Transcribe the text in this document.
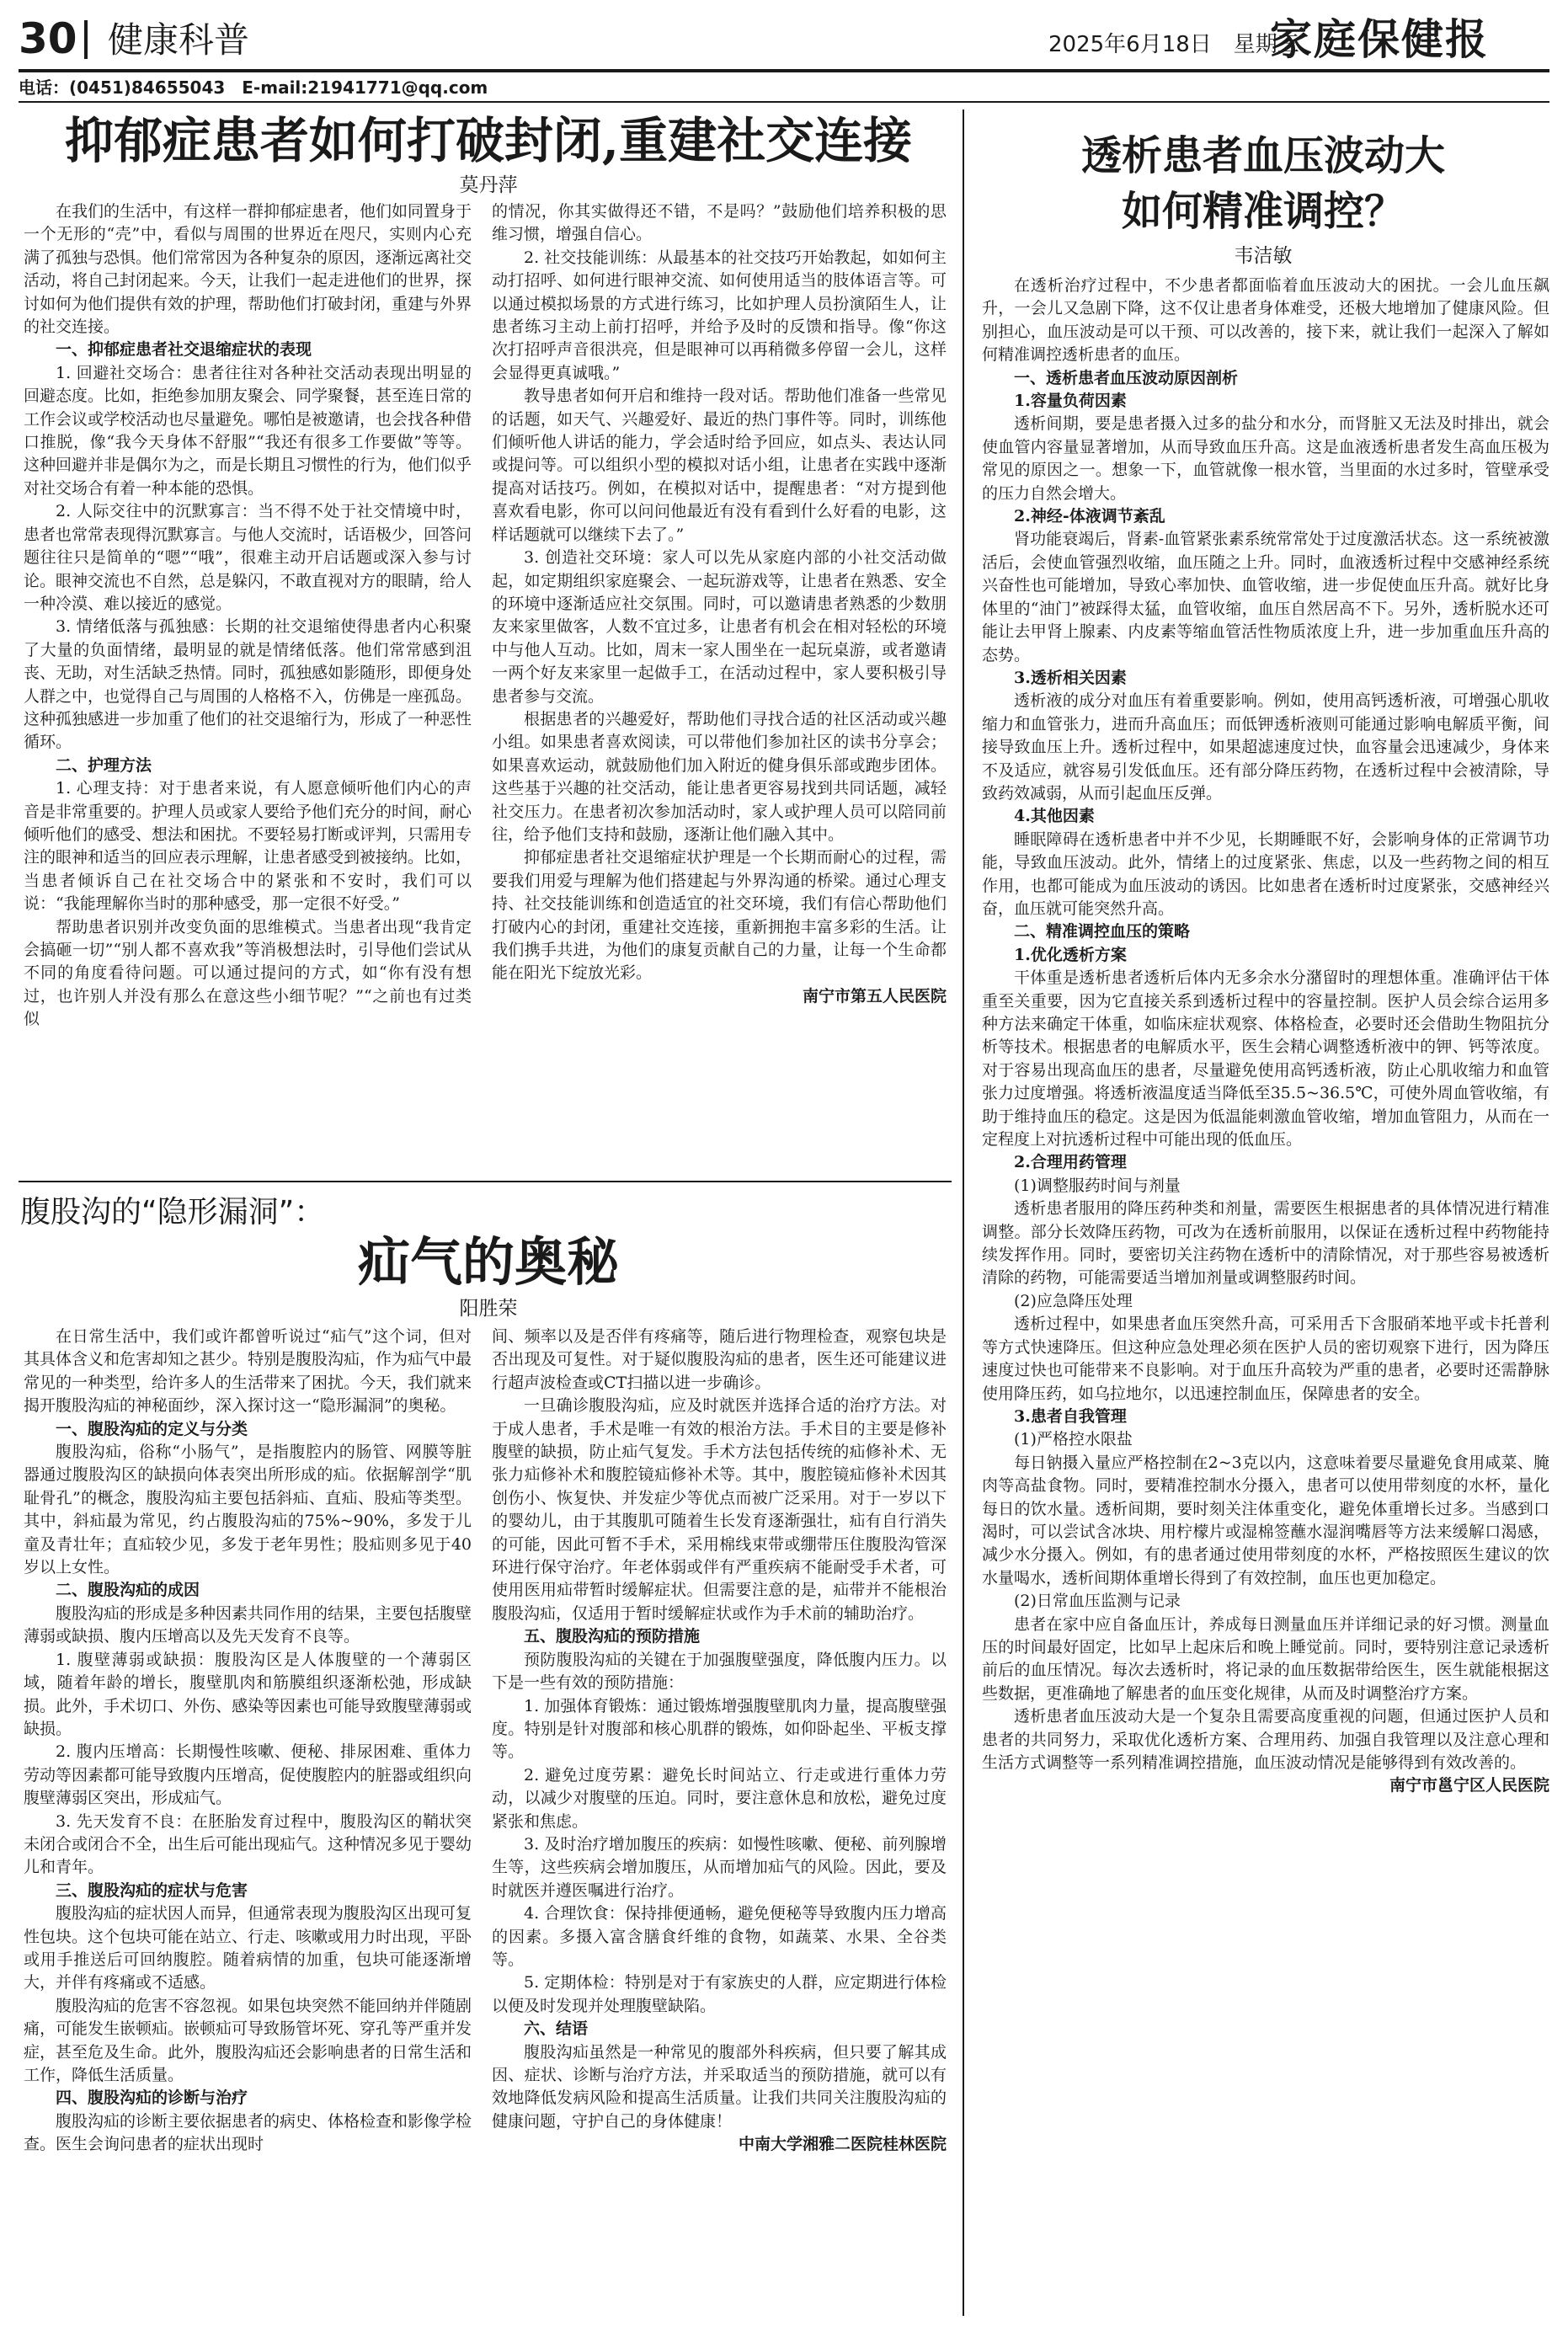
30 健康科普	2025年6月18日　星期三
家庭保健报
电话：(0451)84655043　E-mail:21941771@qq.com
抑郁症患者如何打破封闭,重建社交连接
莫丹萍

在我们的生活中，有这样一群抑郁症患者，他们如同置身于一个无形的“壳”中，看似与周围的世界近在咫尺，实则内心充满了孤独与恐惧。他们常常因为各种复杂的原因，逐渐远离社交活动，将自己封闭起来。今天，让我们一起走进他们的世界，探讨如何为他们提供有效的护理，帮助他们打破封闭，重建与外界的社交连接。

一、抑郁症患者社交退缩症状的表现

1. 回避社交场合：患者往往对各种社交活动表现出明显的回避态度。比如，拒绝参加朋友聚会、同学聚餐，甚至连日常的工作会议或学校活动也尽量避免。哪怕是被邀请，也会找各种借口推脱，像“我今天身体不舒服”“我还有很多工作要做”等等。这种回避并非是偶尔为之，而是长期且习惯性的行为，他们似乎对社交场合有着一种本能的恐惧。

2. 人际交往中的沉默寡言：当不得不处于社交情境中时，患者也常常表现得沉默寡言。与他人交流时，话语极少，回答问题往往只是简单的“嗯”“哦”，很难主动开启话题或深入参与讨论。眼神交流也不自然，总是躲闪，不敢直视对方的眼睛，给人一种冷漠、难以接近的感觉。

3. 情绪低落与孤独感：长期的社交退缩使得患者内心积聚了大量的负面情绪，最明显的就是情绪低落。他们常常感到沮丧、无助，对生活缺乏热情。同时，孤独感如影随形，即便身处人群之中，也觉得自己与周围的人格格不入，仿佛是一座孤岛。这种孤独感进一步加重了他们的社交退缩行为，形成了一种恶性循环。

二、护理方法

1. 心理支持：对于患者来说，有人愿意倾听他们内心的声音是非常重要的。护理人员或家人要给予他们充分的时间，耐心倾听他们的感受、想法和困扰。不要轻易打断或评判，只需用专注的眼神和适当的回应表示理解，让患者感受到被接纳。比如，当患者倾诉自己在社交场合中的紧张和不安时，我们可以说：“我能理解你当时的那种感受，那一定很不好受。”

帮助患者识别并改变负面的思维模式。当患者出现“我肯定会搞砸一切”“别人都不喜欢我”等消极想法时，引导他们尝试从不同的角度看待问题。可以通过提问的方式，如“你有没有想过，也许别人并没有那么在意这些小细节呢？”“之前也有过类似

的情况，你其实做得还不错，不是吗？”鼓励他们培养积极的思维习惯，增强自信心。

2. 社交技能训练：从最基本的社交技巧开始教起，如如何主动打招呼、如何进行眼神交流、如何使用适当的肢体语言等。可以通过模拟场景的方式进行练习，比如护理人员扮演陌生人，让患者练习主动上前打招呼，并给予及时的反馈和指导。像“你这次打招呼声音很洪亮，但是眼神可以再稍微多停留一会儿，这样会显得更真诚哦。”

教导患者如何开启和维持一段对话。帮助他们准备一些常见的话题，如天气、兴趣爱好、最近的热门事件等。同时，训练他们倾听他人讲话的能力，学会适时给予回应，如点头、表达认同或提问等。可以组织小型的模拟对话小组，让患者在实践中逐渐提高对话技巧。例如，在模拟对话中，提醒患者：“对方提到他喜欢看电影，你可以问问他最近有没有看到什么好看的电影，这样话题就可以继续下去了。”

3. 创造社交环境：家人可以先从家庭内部的小社交活动做起，如定期组织家庭聚会、一起玩游戏等，让患者在熟悉、安全的环境中逐渐适应社交氛围。同时，可以邀请患者熟悉的少数朋友来家里做客，人数不宜过多，让患者有机会在相对轻松的环境中与他人互动。比如，周末一家人围坐在一起玩桌游，或者邀请一两个好友来家里一起做手工，在活动过程中，家人要积极引导患者参与交流。

根据患者的兴趣爱好，帮助他们寻找合适的社区活动或兴趣小组。如果患者喜欢阅读，可以带他们参加社区的读书分享会；如果喜欢运动，就鼓励他们加入附近的健身俱乐部或跑步团体。这些基于兴趣的社交活动，能让患者更容易找到共同话题，减轻社交压力。在患者初次参加活动时，家人或护理人员可以陪同前往，给予他们支持和鼓励，逐渐让他们融入其中。

抑郁症患者社交退缩症状护理是一个长期而耐心的过程，需要我们用爱与理解为他们搭建起与外界沟通的桥梁。通过心理支持、社交技能训练和创造适宜的社交环境，我们有信心帮助他们打破内心的封闭，重建社交连接，重新拥抱丰富多彩的生活。让我们携手共进，为他们的康复贡献自己的力量，让每一个生命都能在阳光下绽放光彩。

南宁市第五人民医院

腹股沟的“隐形漏洞”：
疝气的奥秘
阳胜荣

在日常生活中，我们或许都曾听说过“疝气”这个词，但对其具体含义和危害却知之甚少。特别是腹股沟疝，作为疝气中最常见的一种类型，给许多人的生活带来了困扰。今天，我们就来揭开腹股沟疝的神秘面纱，深入探讨这一“隐形漏洞”的奥秘。

一、腹股沟疝的定义与分类

腹股沟疝，俗称“小肠气”，是指腹腔内的肠管、网膜等脏器通过腹股沟区的缺损向体表突出所形成的疝。依据解剖学“肌耻骨孔”的概念，腹股沟疝主要包括斜疝、直疝、股疝等类型。其中，斜疝最为常见，约占腹股沟疝的75%~90%，多发于儿童及青壮年；直疝较少见，多发于老年男性；股疝则多见于40岁以上女性。

二、腹股沟疝的成因

腹股沟疝的形成是多种因素共同作用的结果，主要包括腹壁薄弱或缺损、腹内压增高以及先天发育不良等。

1. 腹壁薄弱或缺损：腹股沟区是人体腹壁的一个薄弱区域，随着年龄的增长，腹壁肌肉和筋膜组织逐渐松弛，形成缺损。此外，手术切口、外伤、感染等因素也可能导致腹壁薄弱或缺损。

2. 腹内压增高：长期慢性咳嗽、便秘、排尿困难、重体力劳动等因素都可能导致腹内压增高，促使腹腔内的脏器或组织向腹壁薄弱区突出，形成疝气。

3. 先天发育不良：在胚胎发育过程中，腹股沟区的鞘状突未闭合或闭合不全，出生后可能出现疝气。这种情况多见于婴幼儿和青年。

三、腹股沟疝的症状与危害

腹股沟疝的症状因人而异，但通常表现为腹股沟区出现可复性包块。这个包块可能在站立、行走、咳嗽或用力时出现，平卧或用手推送后可回纳腹腔。随着病情的加重，包块可能逐渐增大，并伴有疼痛或不适感。

腹股沟疝的危害不容忽视。如果包块突然不能回纳并伴随剧痛，可能发生嵌顿疝。嵌顿疝可导致肠管坏死、穿孔等严重并发症，甚至危及生命。此外，腹股沟疝还会影响患者的日常生活和工作，降低生活质量。

四、腹股沟疝的诊断与治疗

腹股沟疝的诊断主要依据患者的病史、体格检查和影像学检查。医生会询问患者的症状出现时

间、频率以及是否伴有疼痛等，随后进行物理检查，观察包块是否出现及可复性。对于疑似腹股沟疝的患者，医生还可能建议进行超声波检查或CT扫描以进一步确诊。

一旦确诊腹股沟疝，应及时就医并选择合适的治疗方法。对于成人患者，手术是唯一有效的根治方法。手术目的主要是修补腹壁的缺损，防止疝气复发。手术方法包括传统的疝修补术、无张力疝修补术和腹腔镜疝修补术等。其中，腹腔镜疝修补术因其创伤小、恢复快、并发症少等优点而被广泛采用。对于一岁以下的婴幼儿，由于其腹肌可随着生长发育逐渐强壮，疝有自行消失的可能，因此可暂不手术，采用棉线束带或绷带压住腹股沟管深环进行保守治疗。年老体弱或伴有严重疾病不能耐受手术者，可使用医用疝带暂时缓解症状。但需要注意的是，疝带并不能根治腹股沟疝，仅适用于暂时缓解症状或作为手术前的辅助治疗。

五、腹股沟疝的预防措施

预防腹股沟疝的关键在于加强腹壁强度，降低腹内压力。以下是一些有效的预防措施：

1. 加强体育锻炼：通过锻炼增强腹壁肌肉力量，提高腹壁强度。特别是针对腹部和核心肌群的锻炼，如仰卧起坐、平板支撑等。

2. 避免过度劳累：避免长时间站立、行走或进行重体力劳动，以减少对腹壁的压迫。同时，要注意休息和放松，避免过度紧张和焦虑。

3. 及时治疗增加腹压的疾病：如慢性咳嗽、便秘、前列腺增生等，这些疾病会增加腹压，从而增加疝气的风险。因此，要及时就医并遵医嘱进行治疗。

4. 合理饮食：保持排便通畅，避免便秘等导致腹内压力增高的因素。多摄入富含膳食纤维的食物，如蔬菜、水果、全谷类等。

5. 定期体检：特别是对于有家族史的人群，应定期进行体检以便及时发现并处理腹壁缺陷。

六、结语

腹股沟疝虽然是一种常见的腹部外科疾病，但只要了解其成因、症状、诊断与治疗方法，并采取适当的预防措施，就可以有效地降低发病风险和提高生活质量。让我们共同关注腹股沟疝的健康问题，守护自己的身体健康！

中南大学湘雅二医院桂林医院

透析患者血压波动大
如何精准调控？
韦洁敏

在透析治疗过程中，不少患者都面临着血压波动大的困扰。一会儿血压飙升，一会儿又急剧下降，这不仅让患者身体难受，还极大地增加了健康风险。但别担心，血压波动是可以干预、可以改善的，接下来，就让我们一起深入了解如何精准调控透析患者的血压。

一、透析患者血压波动原因剖析

1.容量负荷因素

透析间期，要是患者摄入过多的盐分和水分，而肾脏又无法及时排出，就会使血管内容量显著增加，从而导致血压升高。这是血液透析患者发生高血压极为常见的原因之一。想象一下，血管就像一根水管，当里面的水过多时，管壁承受的压力自然会增大。

2.神经-体液调节紊乱

肾功能衰竭后，肾素-血管紧张素系统常常处于过度激活状态。这一系统被激活后，会使血管强烈收缩，血压随之上升。同时，血液透析过程中交感神经系统兴奋性也可能增加，导致心率加快、血管收缩，进一步促使血压升高。就好比身体里的“油门”被踩得太猛，血管收缩，血压自然居高不下。另外，透析脱水还可能让去甲肾上腺素、内皮素等缩血管活性物质浓度上升，进一步加重血压升高的态势。

3.透析相关因素

透析液的成分对血压有着重要影响。例如，使用高钙透析液，可增强心肌收缩力和血管张力，进而升高血压；而低钾透析液则可能通过影响电解质平衡，间接导致血压上升。透析过程中，如果超滤速度过快，血容量会迅速减少，身体来不及适应，就容易引发低血压。还有部分降压药物，在透析过程中会被清除，导致药效减弱，从而引起血压反弹。

4.其他因素

睡眠障碍在透析患者中并不少见，长期睡眠不好，会影响身体的正常调节功能，导致血压波动。此外，情绪上的过度紧张、焦虑，以及一些药物之间的相互作用，也都可能成为血压波动的诱因。比如患者在透析时过度紧张，交感神经兴奋，血压就可能突然升高。

二、精准调控血压的策略

1.优化透析方案

干体重是透析患者透析后体内无多余水分潴留时的理想体重。准确评估干体重至关重要，因为它直接关系到透析过程中的容量控制。医护人员会综合运用多种方法来确定干体重，如临床症状观察、体格检查，必要时还会借助生物阻抗分析等技术。根据患者的电解质水平，医生会精心调整透析液中的钾、钙等浓度。对于容易出现高血压的患者，尽量避免使用高钙透析液，防止心肌收缩力和血管张力过度增强。将透析液温度适当降低至35.5~36.5℃，可使外周血管收缩，有助于维持血压的稳定。这是因为低温能刺激血管收缩，增加血管阻力，从而在一定程度上对抗透析过程中可能出现的低血压。

2.合理用药管理

(1)调整服药时间与剂量

透析患者服用的降压药种类和剂量，需要医生根据患者的具体情况进行精准调整。部分长效降压药物，可改为在透析前服用，以保证在透析过程中药物能持续发挥作用。同时，要密切关注药物在透析中的清除情况，对于那些容易被透析清除的药物，可能需要适当增加剂量或调整服药时间。

(2)应急降压处理

透析过程中，如果患者血压突然升高，可采用舌下含服硝苯地平或卡托普利等方式快速降压。但这种应急处理必须在医护人员的密切观察下进行，因为降压速度过快也可能带来不良影响。对于血压升高较为严重的患者，必要时还需静脉使用降压药，如乌拉地尔，以迅速控制血压，保障患者的安全。

3.患者自我管理

(1)严格控水限盐

每日钠摄入量应严格控制在2~3克以内，这意味着要尽量避免食用咸菜、腌肉等高盐食物。同时，要精准控制水分摄入，患者可以使用带刻度的水杯，量化每日的饮水量。透析间期，要时刻关注体重变化，避免体重增长过多。当感到口渴时，可以尝试含冰块、用柠檬片或湿棉签蘸水湿润嘴唇等方法来缓解口渴感，减少水分摄入。例如，有的患者通过使用带刻度的水杯，严格按照医生建议的饮水量喝水，透析间期体重增长得到了有效控制，血压也更加稳定。

(2)日常血压监测与记录

患者在家中应自备血压计，养成每日测量血压并详细记录的好习惯。测量血压的时间最好固定，比如早上起床后和晚上睡觉前。同时，要特别注意记录透析前后的血压情况。每次去透析时，将记录的血压数据带给医生，医生就能根据这些数据，更准确地了解患者的血压变化规律，从而及时调整治疗方案。

透析患者血压波动大是一个复杂且需要高度重视的问题，但通过医护人员和患者的共同努力，采取优化透析方案、合理用药、加强自我管理以及注意心理和生活方式调整等一系列精准调控措施，血压波动情况是能够得到有效改善的。

南宁市邕宁区人民医院
